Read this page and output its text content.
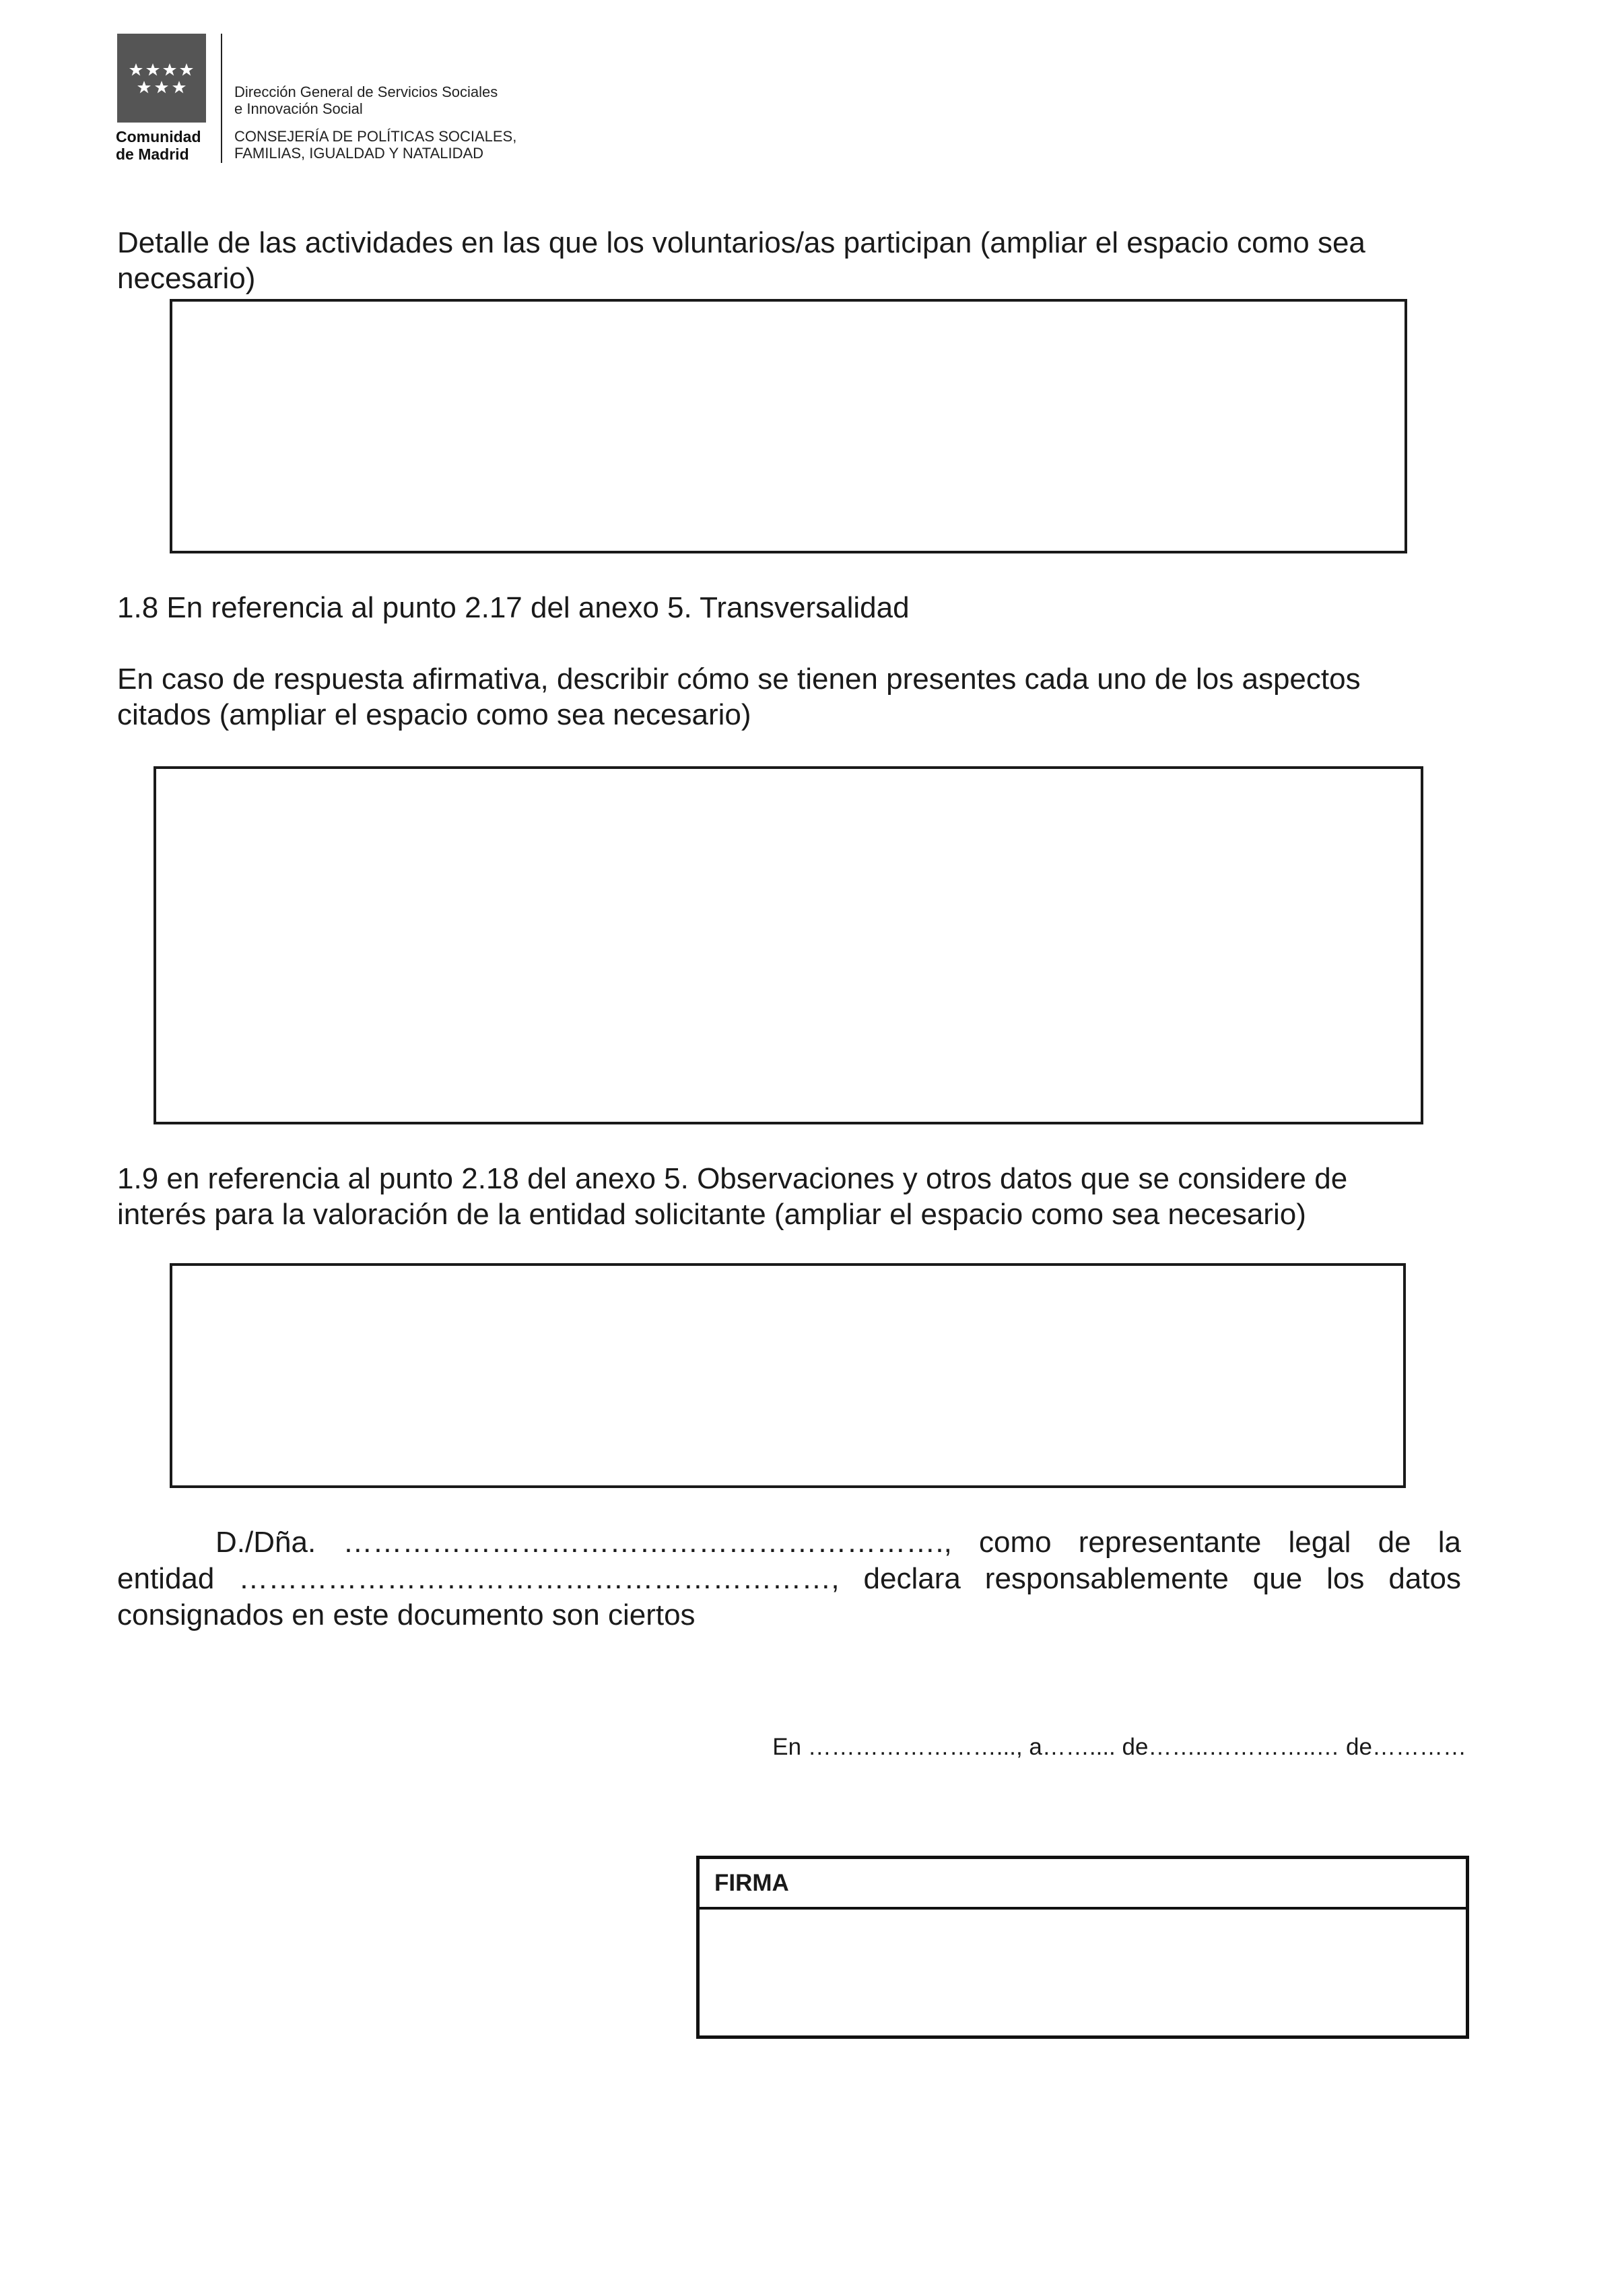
Comunidad
de Madrid
Dirección General de Servicios Sociales
e Innovación Social
CONSEJERÍA DE POLÍTICAS SOCIALES,
FAMILIAS, IGUALDAD Y NATALIDAD
Detalle de las actividades en las que los voluntarios/as participan (ampliar el espacio como sea
necesario)
1.8 En referencia al punto 2.17 del anexo 5. Transversalidad
En caso de respuesta afirmativa, describir cómo se tienen presentes cada uno de los aspectos
citados (ampliar el espacio como sea necesario)
1.9 en referencia al punto 2.18 del anexo 5. Observaciones y otros datos que se considere de
interés para la valoración de la entidad solicitante (ampliar el espacio como sea necesario)
D./Dña. ……………………………………………………., como representante legal de la
entidad ……………………………………………………, declara responsablemente que los datos
consignados en este documento son ciertos
En ……………………..., a…….... de……..…………..… de…………
FIRMA
